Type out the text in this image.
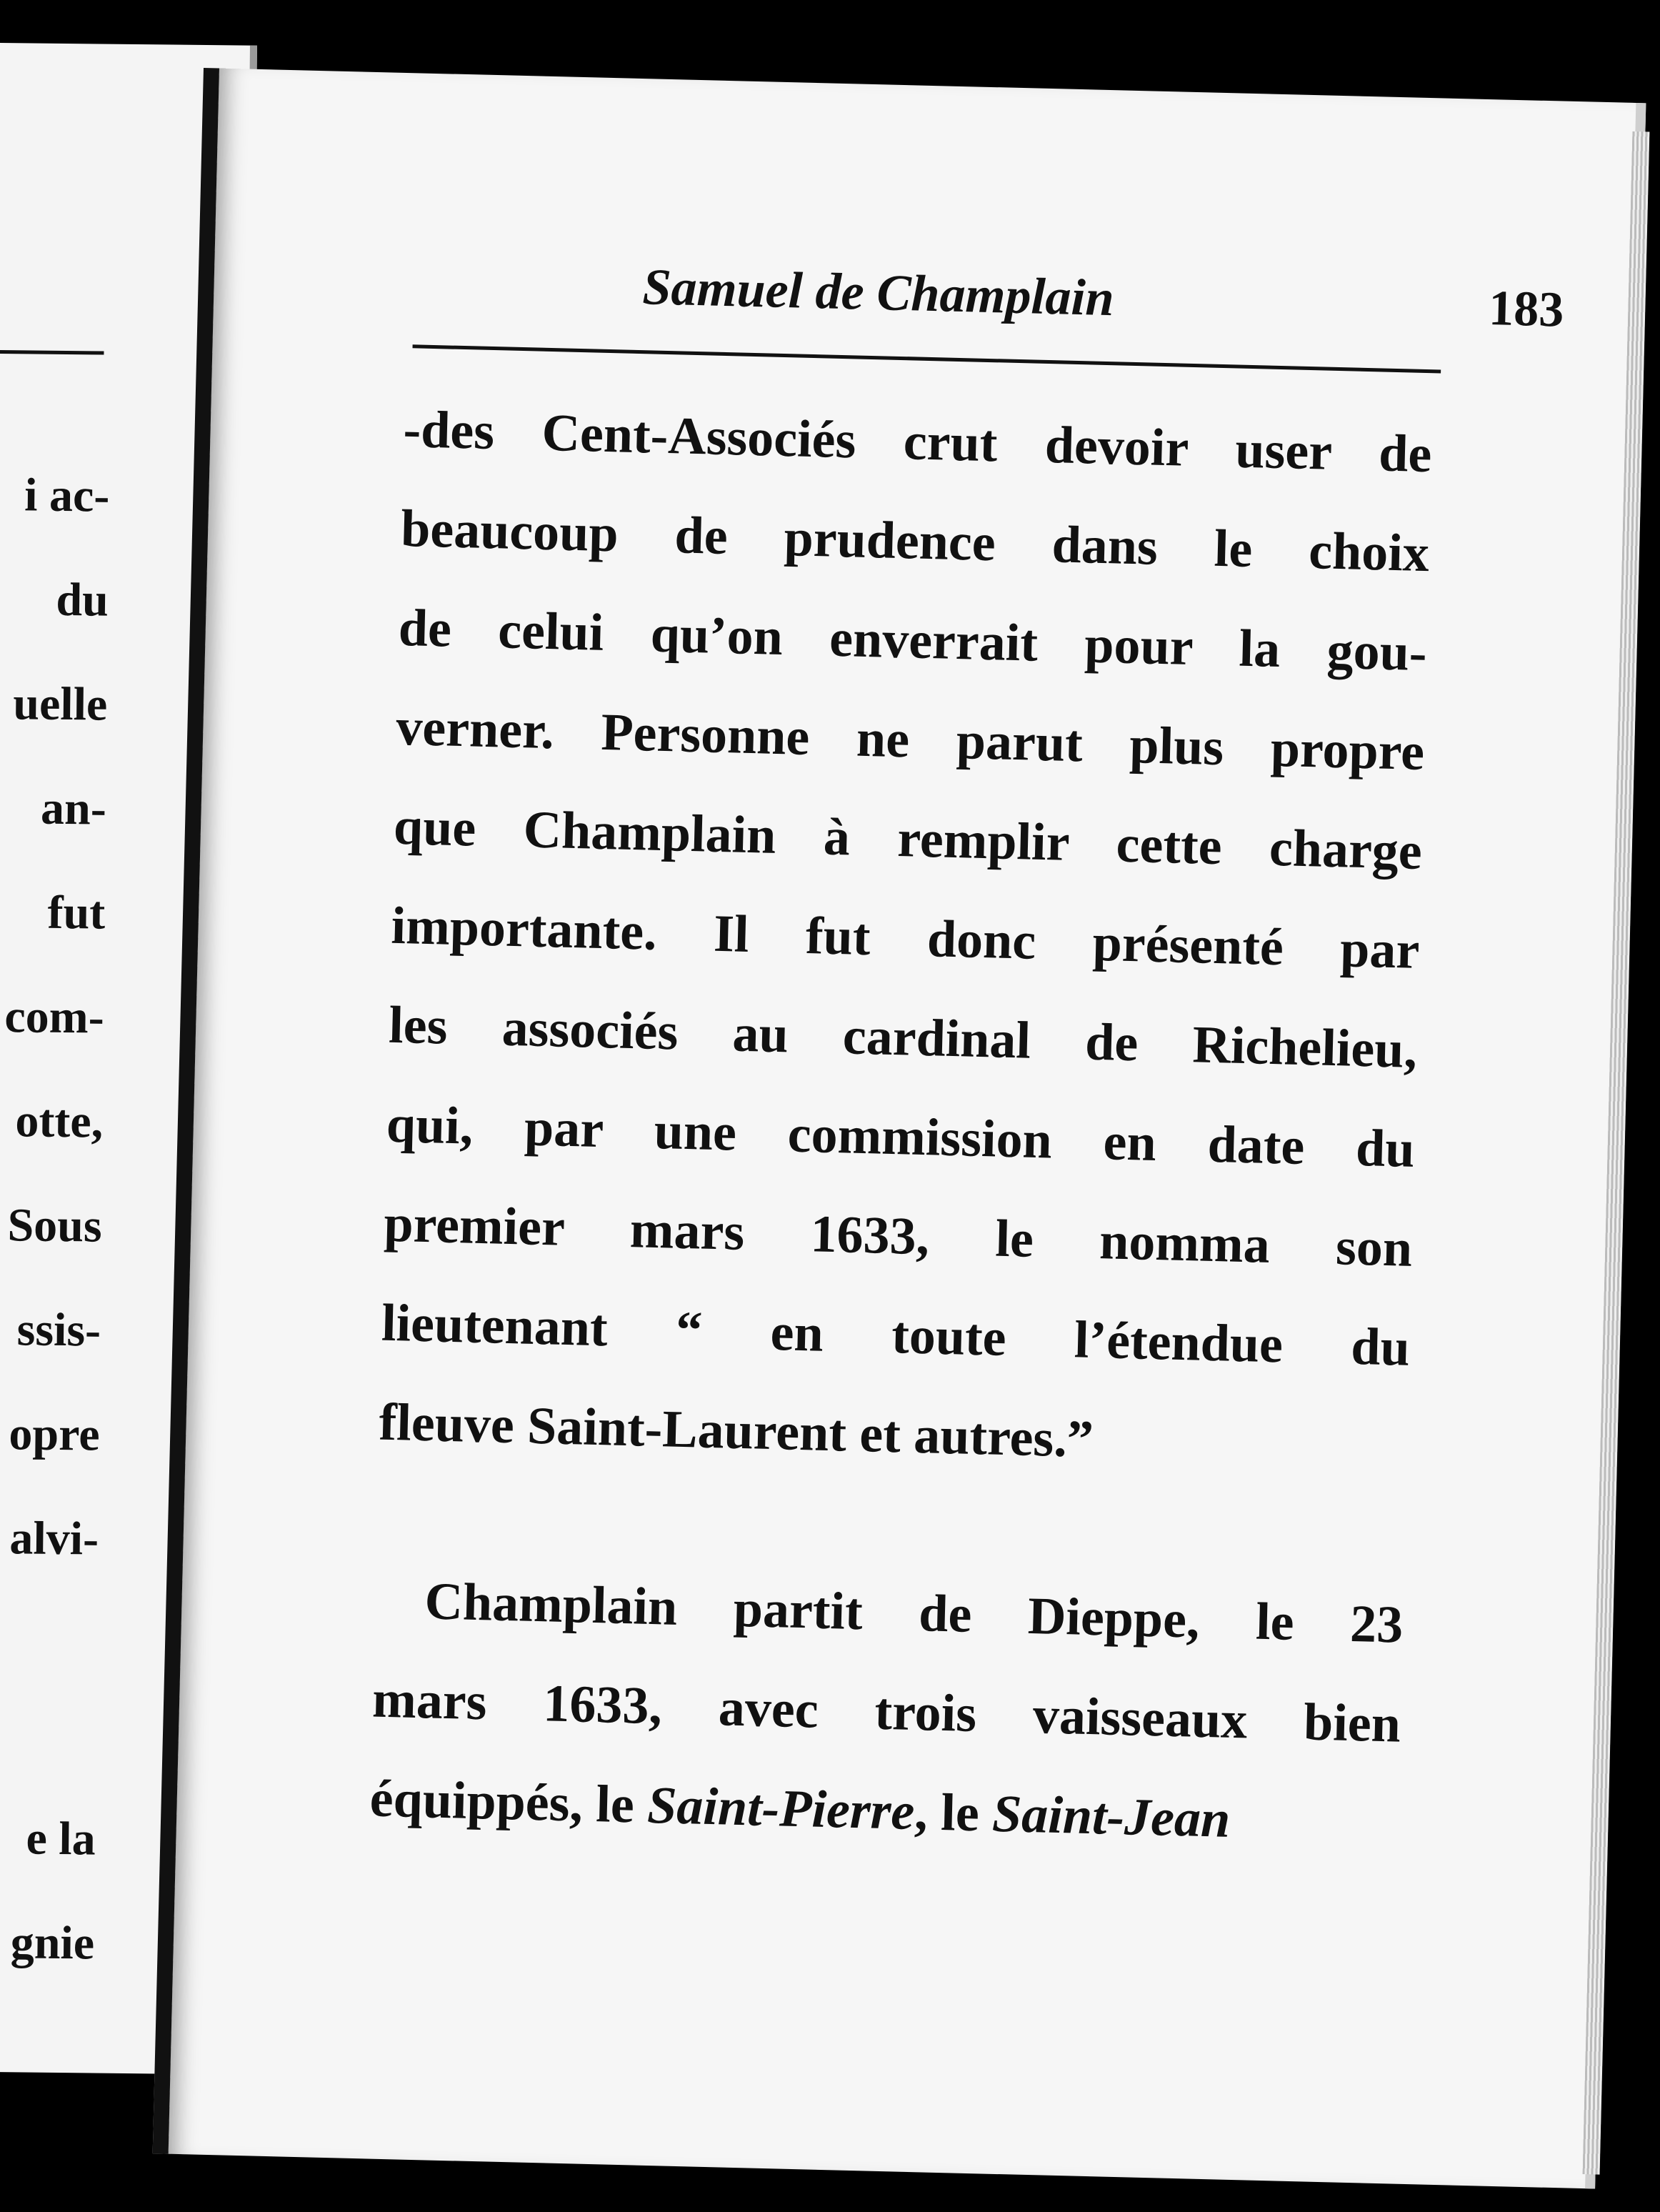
i ac-
du
uelle
an-
fut
com-
otte,
Sous
ssis-
opre
alvi-
e la
gnie
Samuel de Champlain	183
-des Cent-Associés crut devoir user de
beaucoup de prudence dans le choix
de celui qu’on enverrait pour la gou-
verner. Personne ne parut plus propre
que Champlain à remplir cette charge
importante. Il fut donc présenté par
les associés au cardinal de Richelieu,
qui, par une commission en date du
premier mars 1633, le nomma son
lieutenant “ en toute l’étendue du
fleuve Saint-Laurent et autres.”
Champlain partit de Dieppe, le 23
mars 1633, avec trois vaisseaux bien
équippés, le Saint-Pierre, le Saint-Jean
